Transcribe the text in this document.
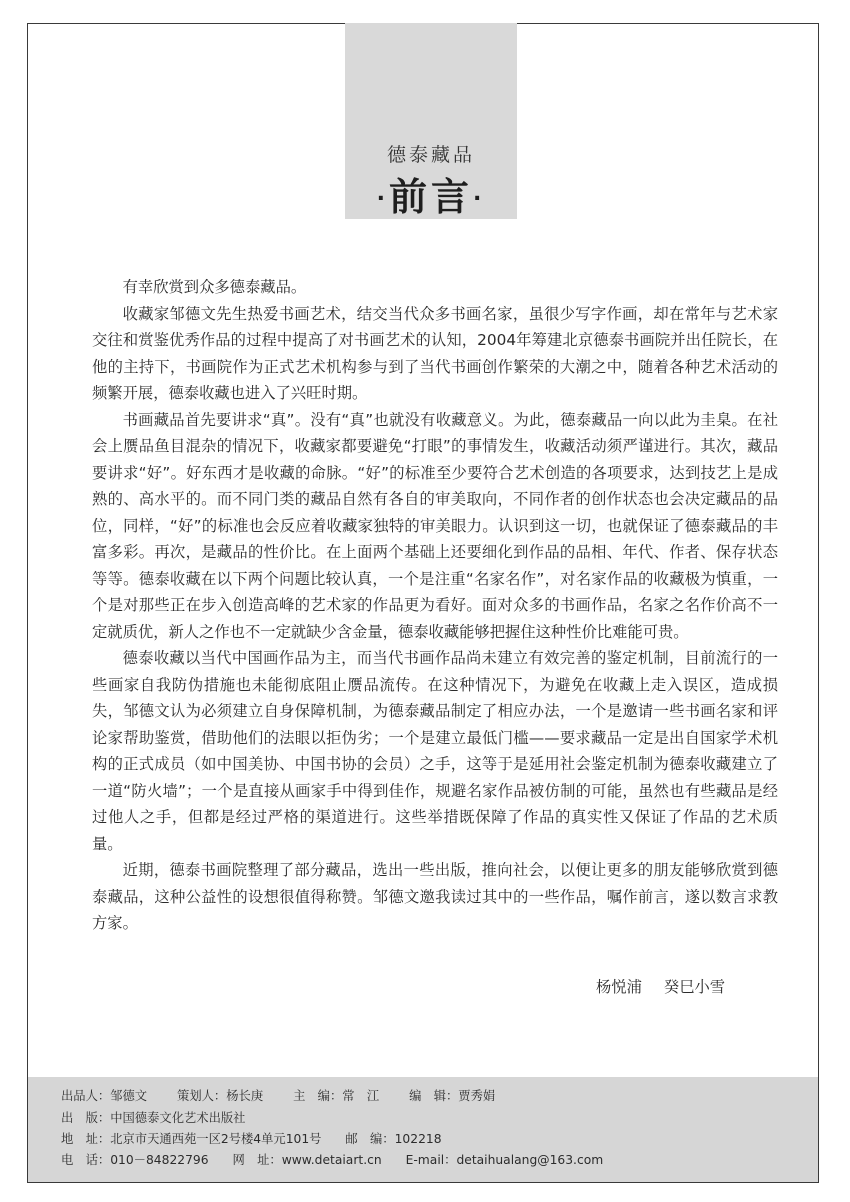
德泰藏品
·前言·

有幸欣赏到众多德泰藏品。

收藏家邹德文先生热爱书画艺术，结交当代众多书画名家，虽很少写字作画，却在常年与艺术家交往和赏鉴优秀作品的过程中提高了对书画艺术的认知，2004年筹建北京德泰书画院并出任院长，在他的主持下，书画院作为正式艺术机构参与到了当代书画创作繁荣的大潮之中，随着各种艺术活动的频繁开展，德泰收藏也进入了兴旺时期。

书画藏品首先要讲求“真”。没有“真”也就没有收藏意义。为此，德泰藏品一向以此为圭臬。在社会上赝品鱼目混杂的情况下，收藏家都要避免“打眼”的事情发生，收藏活动须严谨进行。其次，藏品要讲求“好”。好东西才是收藏的命脉。“好”的标准至少要符合艺术创造的各项要求，达到技艺上是成熟的、高水平的。而不同门类的藏品自然有各自的审美取向，不同作者的创作状态也会决定藏品的品位，同样，“好”的标准也会反应着收藏家独特的审美眼力。认识到这一切，也就保证了德泰藏品的丰富多彩。再次，是藏品的性价比。在上面两个基础上还要细化到作品的品相、年代、作者、保存状态等等。德泰收藏在以下两个问题比较认真，一个是注重“名家名作”，对名家作品的收藏极为慎重，一个是对那些正在步入创造高峰的艺术家的作品更为看好。面对众多的书画作品，名家之名作价高不一定就质优，新人之作也不一定就缺少含金量，德泰收藏能够把握住这种性价比难能可贵。

德泰收藏以当代中国画作品为主，而当代书画作品尚未建立有效完善的鉴定机制，目前流行的一些画家自我防伪措施也未能彻底阻止赝品流传。在这种情况下，为避免在收藏上走入误区，造成损失，邹德文认为必须建立自身保障机制，为德泰藏品制定了相应办法，一个是邀请一些书画名家和评论家帮助鉴赏，借助他们的法眼以拒伪劣；一个是建立最低门槛——要求藏品一定是出自国家学术机构的正式成员（如中国美协、中国书协的会员）之手，这等于是延用社会鉴定机制为德泰收藏建立了一道“防火墙”；一个是直接从画家手中得到佳作，规避名家作品被仿制的可能，虽然也有些藏品是经过他人之手，但都是经过严格的渠道进行。这些举措既保障了作品的真实性又保证了作品的艺术质量。

近期，德泰书画院整理了部分藏品，选出一些出版，推向社会，以便让更多的朋友能够欣赏到德泰藏品，这种公益性的设想很值得称赞。邹德文邀我读过其中的一些作品，嘱作前言，遂以数言求教方家。

杨悦浦 癸巳小雪
出品人：邹德文 策划人：杨长庚 主　编：常　江 编　辑：贾秀娟
出　版：中国德泰文化艺术出版社
地　址：北京市天通西苑一区2号楼4单元101号 邮　编：102218
电　话：010－84822796 网　址：www.detaiart.cn E-mail：detaihualang@163.com
